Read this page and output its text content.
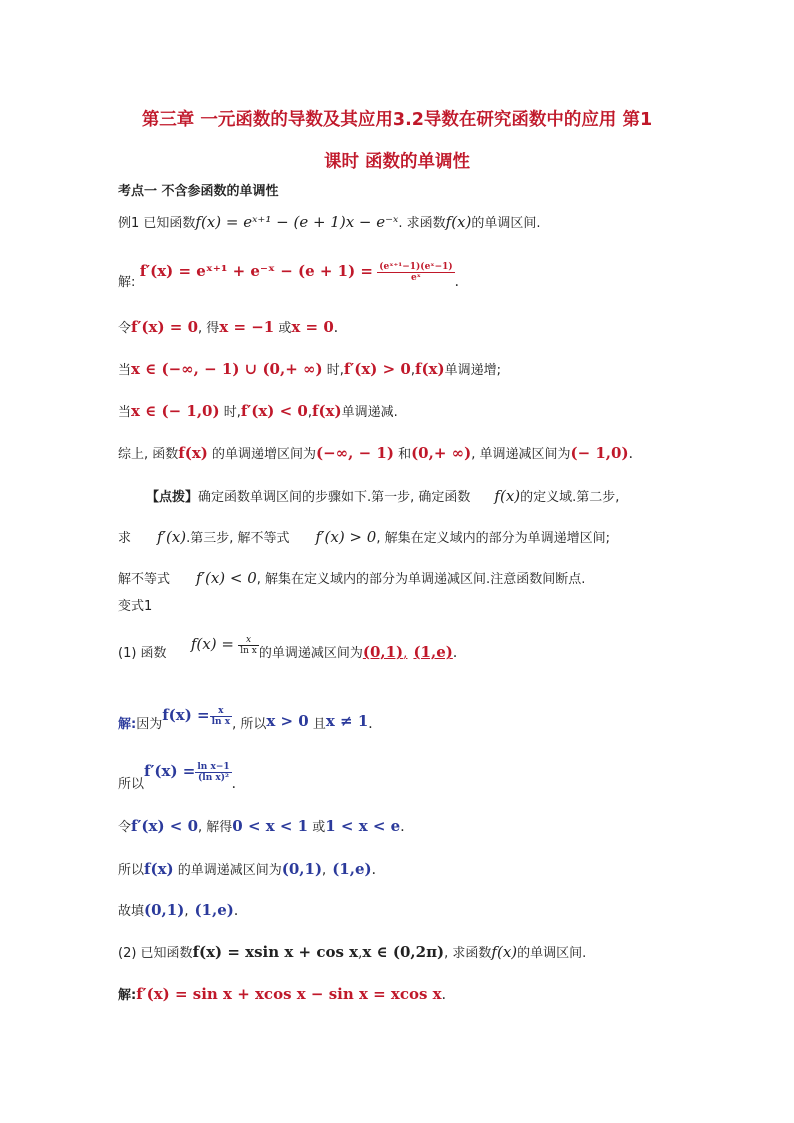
第三章 一元函数的导数及其应用3.2导数在研究函数中的应用 第1
课时 函数的单调性
考点一 不含参函数的单调性
例1 已知函数f(x) = eˣ⁺¹ − (e + 1)x − e⁻ˣ. 求函数f(x)的单调区间.
解: f′(x) = eˣ⁺¹ + e⁻ˣ − $(e + 1) = \frac{\text{(eˣ⁺¹−1)(eˣ−1)}}{\text{eˣ}}$ .
令f′(x) = 0, 得x = −1 或x = 0.
当x ∈ (−∞, − 1) ∪ (0,+ ∞) 时,f′(x) > 0,f(x)单调递增;
当x ∈ (− 1,0) 时,f′(x) < 0,f(x)单调递减.
综上, 函数f(x) 的单调递增区间为(−∞, − 1) 和(0,+ ∞), 单调递减区间为(− 1,0).
【点拨】确定函数单调区间的步骤如下.第一步, 确定函数 f(x)的定义域.第二步,
求 f′(x).第三步, 解不等式 f′(x) > 0, 解集在定义域内的部分为单调递增区间;
解不等式 f′(x) < 0, 解集在定义域内的部分为单调递减区间.注意函数间断点.
变式1
(1) 函数 $f(x) = \frac{x}{\text{ln x}}$ 的单调递减区间为(0,1), (1,e).
解:因为$f(x) = \frac{x}{\text{ln x}}$ , 所以x > 0 且x ≠ 1.
所以$f'(x) = \frac{\text{ln x−1}}{\text{(ln x)²}}$
.
令f′(x) < 0, 解得0 < x < 1 或1 < x < e.
所以f(x) 的单调递减区间为(0,1), (1,e).
故填(0,1), (1,e).
(2) 已知函数f(x) = xsin x + cos x,x ∈ (0,2π), 求函数f(x)的单调区间.
解:f′(x) = sin x + xcos x − sin x = xcos x.
